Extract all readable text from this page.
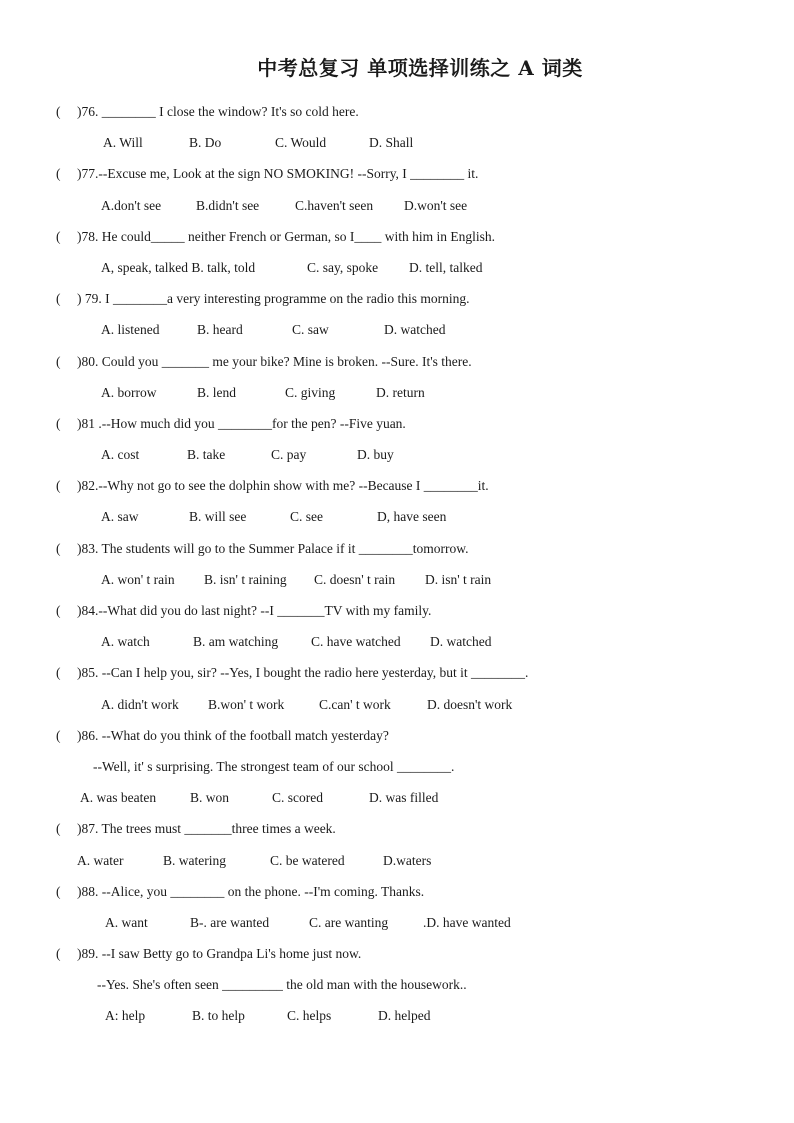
中考总复习 单项选择训练之 A 词类
( )76. ________ I close the window? It's so cold here.
A. Will	B. Do	C. Would	D. Shall
( )77.--Excuse me, Look at the sign NO SMOKING! --Sorry, I ________ it.
A.don't see	B.didn't see	C.haven't seen D.won't see
( )78. He could_____ neither French or German, so I____ with him in English.
A, speak, talked B. talk, told	C. say, spoke D. tell, talked
( ) 79. I ________a very interesting programme on the radio this morning.
A. listened	B. heard	C. saw	D. watched
( )80. Could you _______ me your bike? Mine is broken. --Sure. It's there.
A. borrow	B. lend	C. giving	D. return
( )81 .--How much did you ________for the pen? --Five yuan.
A. cost	B. take	C. pay	D. buy
( )82.--Why not go to see the dolphin show with me? --Because I ________it.
A. saw	B. will see	C. see	D, have seen
( )83. The students will go to the Summer Palace if it ________tomorrow.
A. won' t rain B. isn' t raining C. doesn' t rain D. isn' t rain
( )84.--What did you do last night? --I _______TV with my family.
A. watch	B. am watching C. have watched D. watched
( )85. --Can I help you, sir? --Yes, I bought the radio here yesterday, but it ________.
A. didn't work B.won' t work	C.can' t work	D. doesn't work
( )86. --What do you think of the football match yesterday?
--Well, it' s surprising. The strongest team of our school ________.
A. was beaten	B. won	C. scored	D. was filled
( )87. The trees must _______three times a week.
A. water	B. watering	C. be watered	D.waters
( )88. --Alice, you ________ on the phone. --I'm coming. Thanks.
A. want	B-. are wanted	C. are wanting	.D. have wanted
( )89. --I saw Betty go to Grandpa Li's home just now.
--Yes. She's often seen _________ the old man with the housework..
A: help	B. to help	C. helps	D. helped
